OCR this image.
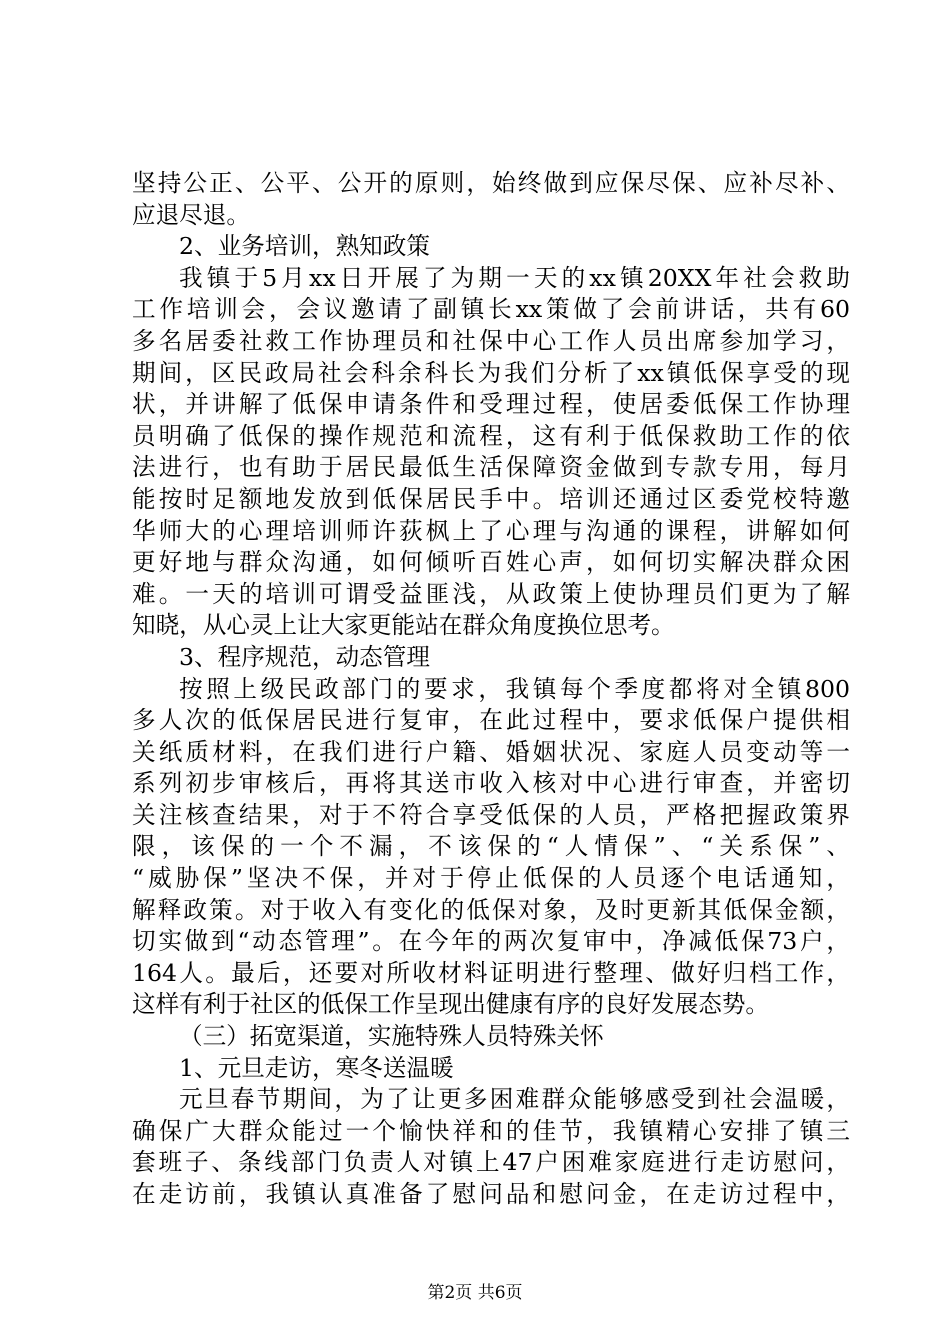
坚持公正、公平、公开的原则，始终做到应保尽保、应补尽补、
应退尽退。
2、业务培训，熟知政策
我镇于5月xx日开展了为期一天的xx镇20XX年社会救助
工作培训会，会议邀请了副镇长xx策做了会前讲话，共有60
多名居委社救工作协理员和社保中心工作人员出席参加学习，
期间，区民政局社会科余科长为我们分析了xx镇低保享受的现
状，并讲解了低保申请条件和受理过程，使居委低保工作协理
员明确了低保的操作规范和流程，这有利于低保救助工作的依
法进行，也有助于居民最低生活保障资金做到专款专用，每月
能按时足额地发放到低保居民手中。培训还通过区委党校特邀
华师大的心理培训师许荻枫上了心理与沟通的课程，讲解如何
更好地与群众沟通，如何倾听百姓心声，如何切实解决群众困
难。一天的培训可谓受益匪浅，从政策上使协理员们更为了解
知晓，从心灵上让大家更能站在群众角度换位思考。
3、程序规范，动态管理
按照上级民政部门的要求，我镇每个季度都将对全镇800
多人次的低保居民进行复审，在此过程中，要求低保户提供相
关纸质材料，在我们进行户籍、婚姻状况、家庭人员变动等一
系列初步审核后，再将其送市收入核对中心进行审查，并密切
关注核查结果，对于不符合享受低保的人员，严格把握政策界
限，该保的一个不漏，不该保的“人情保”、“关系保”、
“威胁保”坚决不保，并对于停止低保的人员逐个电话通知，
解释政策。对于收入有变化的低保对象，及时更新其低保金额，
切实做到“动态管理”。在今年的两次复审中，净减低保73户，
164人。最后，还要对所收材料证明进行整理、做好归档工作，
这样有利于社区的低保工作呈现出健康有序的良好发展态势。
（三）拓宽渠道，实施特殊人员特殊关怀
1、元旦走访，寒冬送温暖
元旦春节期间，为了让更多困难群众能够感受到社会温暖，
确保广大群众能过一个愉快祥和的佳节，我镇精心安排了镇三
套班子、条线部门负责人对镇上47户困难家庭进行走访慰问，
在走访前，我镇认真准备了慰问品和慰问金，在走访过程中，
第2页 共6页
